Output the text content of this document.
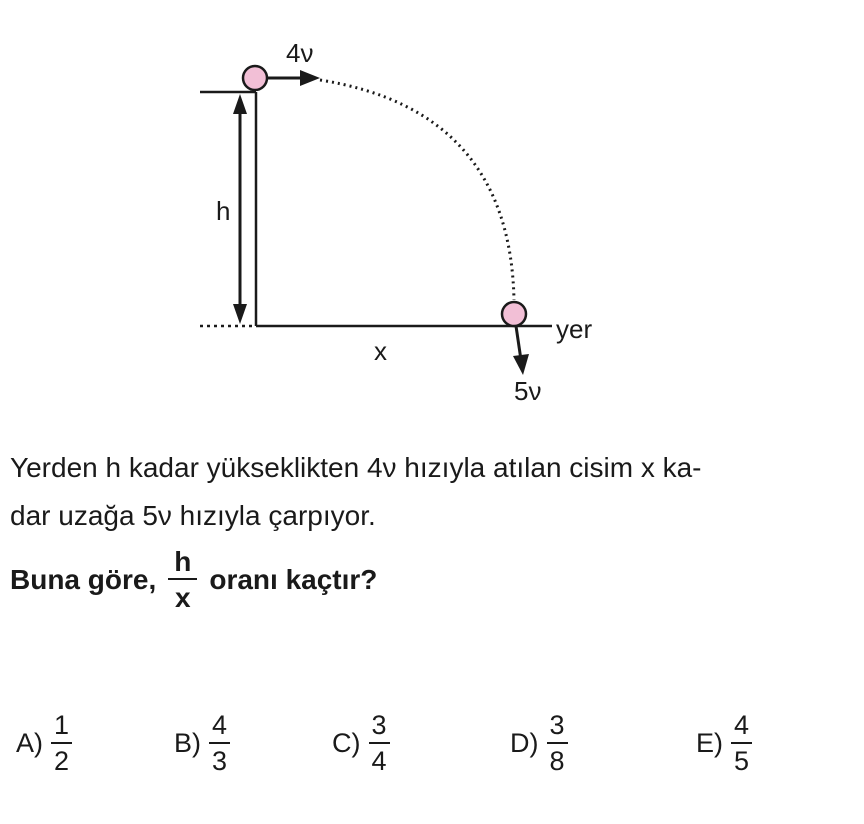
4ν
h
x
yer
5ν
Yerden h kadar yükseklikten 4ν hızıyla atılan cisim x ka-
dar uzağa 5ν hızıyla çarpıyor.
Buna göre, $\frac{h}{x}$ oranı kaçtır?
$A) \frac{1}{2}$	$B) \frac{4}{3}$	$C) \frac{3}{4}$	$D) \frac{3}{8}$	$E) \frac{4}{5}$
